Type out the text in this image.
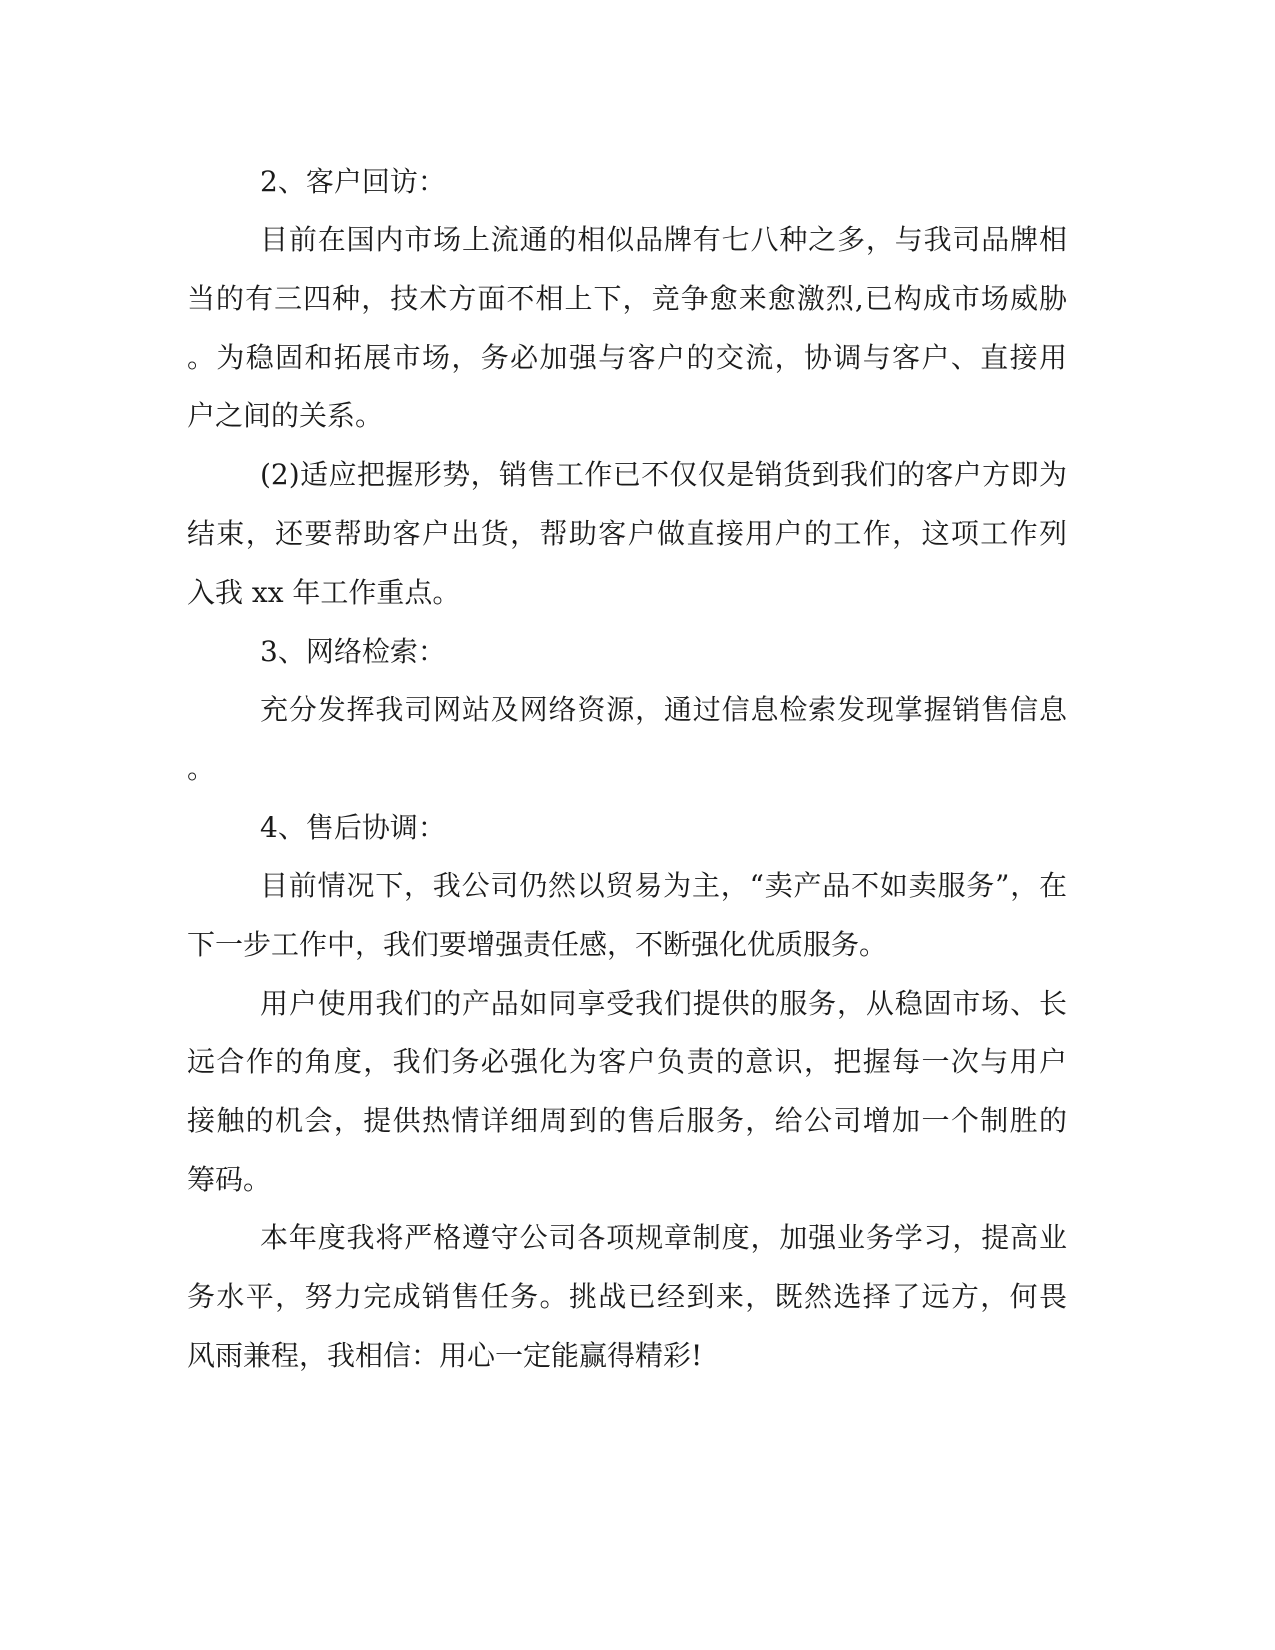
2、客户回访：
目前在国内市场上流通的相似品牌有七八种之多，与我司品牌相
当的有三四种，技术方面不相上下，竞争愈来愈激烈,已构成市场威胁
。为稳固和拓展市场，务必加强与客户的交流，协调与客户、直接用
户之间的关系。
(2)适应把握形势，销售工作已不仅仅是销货到我们的客户方即为
结束，还要帮助客户出货，帮助客户做直接用户的工作，这项工作列
入我 xx 年工作重点。
3、网络检索：
充分发挥我司网站及网络资源，通过信息检索发现掌握销售信息
。
4、售后协调：
目前情况下，我公司仍然以贸易为主，“卖产品不如卖服务”，在
下一步工作中，我们要增强责任感，不断强化优质服务。
用户使用我们的产品如同享受我们提供的服务，从稳固市场、长
远合作的角度，我们务必强化为客户负责的意识，把握每一次与用户
接触的机会，提供热情详细周到的售后服务，给公司增加一个制胜的
筹码。
本年度我将严格遵守公司各项规章制度，加强业务学习，提高业
务水平，努力完成销售任务。挑战已经到来，既然选择了远方，何畏
风雨兼程，我相信：用心一定能赢得精彩!
